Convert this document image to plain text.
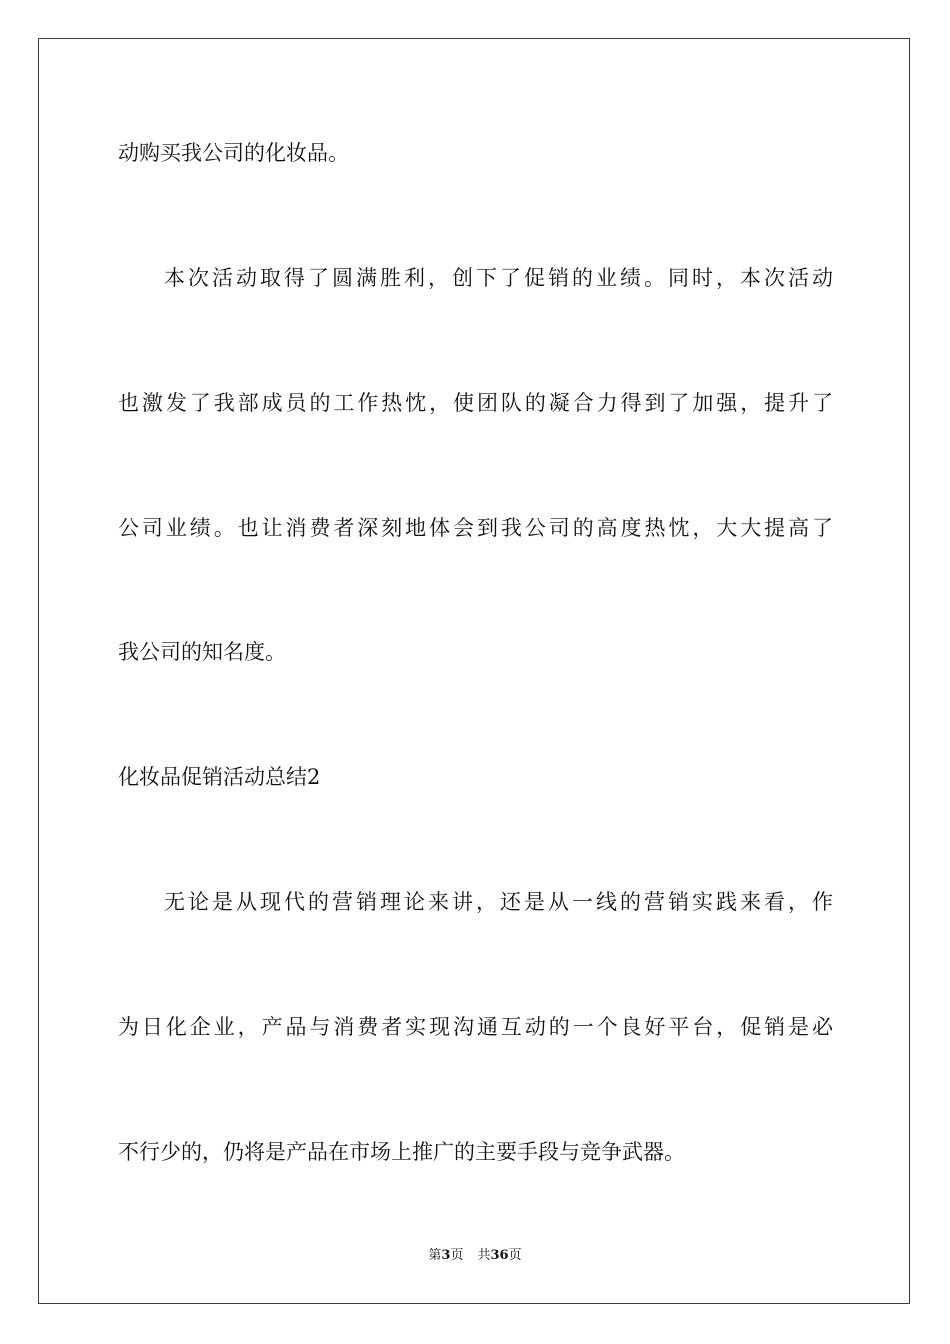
动购买我公司的化妆品。
本次活动取得了圆满胜利，创下了促销的业绩。同时，本次活动
也激发了我部成员的工作热忱，使团队的凝合力得到了加强，提升了
公司业绩。也让消费者深刻地体会到我公司的高度热忱，大大提高了
我公司的知名度。
化妆品促销活动总结2
无论是从现代的营销理论来讲，还是从一线的营销实践来看，作
为日化企业，产品与消费者实现沟通互动的一个良好平台，促销是必
不行少的，仍将是产品在市场上推广的主要手段与竞争武器。
第3页 共36页
